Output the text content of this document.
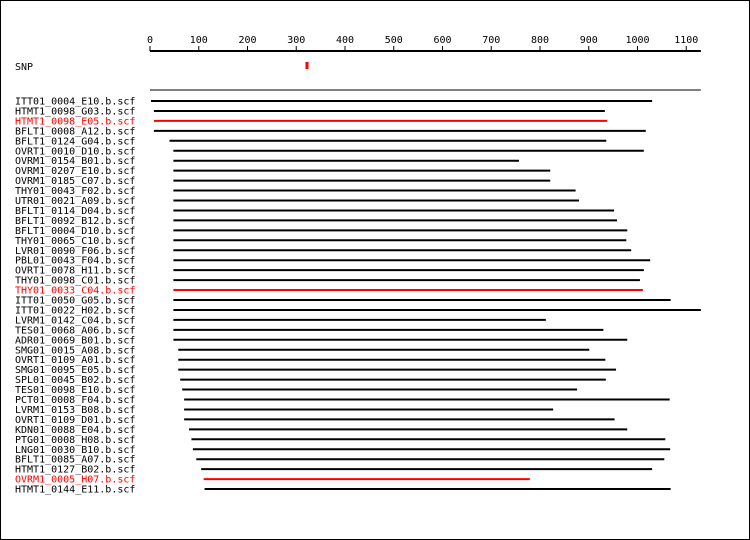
0	100	200	300	400	500	600	700	800	900	1000 1100
SNP
ITT01_0004_E10.b.scf
HTMT1_0098_G03.b.scf
HTMT1_0098_E05.b.scf
BFLT1_0008_A12.b.scf
BFLT1_0124_G04.b.scf
OVRT1_0010_D10.b.scf
OVRM1_0154_B01.b.scf
OVRM1_0207_E10.b.scf
OVRM1_0185_C07.b.scf
THY01_0043_F02.b.scf
UTR01_0021_A09.b.scf
BFLT1_0114_D04.b.scf
BFLT1_0092_B12.b.scf
BFLT1_0004_D10.b.scf
THY01_0065_C10.b.scf
LVR01_0090_F06.b.scf
PBL01_0043_F04.b.scf
OVRT1_0078_H11.b.scf
THY01_0098_C01.b.scf
THY01_0033_C04.b.scf
ITT01_0050_G05.b.scf
ITT01_0022_H02.b.scf
LVRM1_0142_C04.b.scf
TES01_0068_A06.b.scf
ADR01_0069_B01.b.scf
SMG01_0015_A08.b.scf
OVRT1_0109_A01.b.scf
SMG01_0095_E05.b.scf
SPL01_0045_B02.b.scf
TES01_0098_E10.b.scf
PCT01_0008_F04.b.scf
LVRM1_0153_B08.b.scf
OVRT1_0109_D01.b.scf
KDN01_0088_E04.b.scf
PTG01_0008_H08.b.scf
LNG01_0030_B10.b.scf
BFLT1_0085_A07.b.scf
HTMT1_0127_B02.b.scf
OVRM1_0005_H07.b.scf
HTMT1_0144_E11.b.scf
